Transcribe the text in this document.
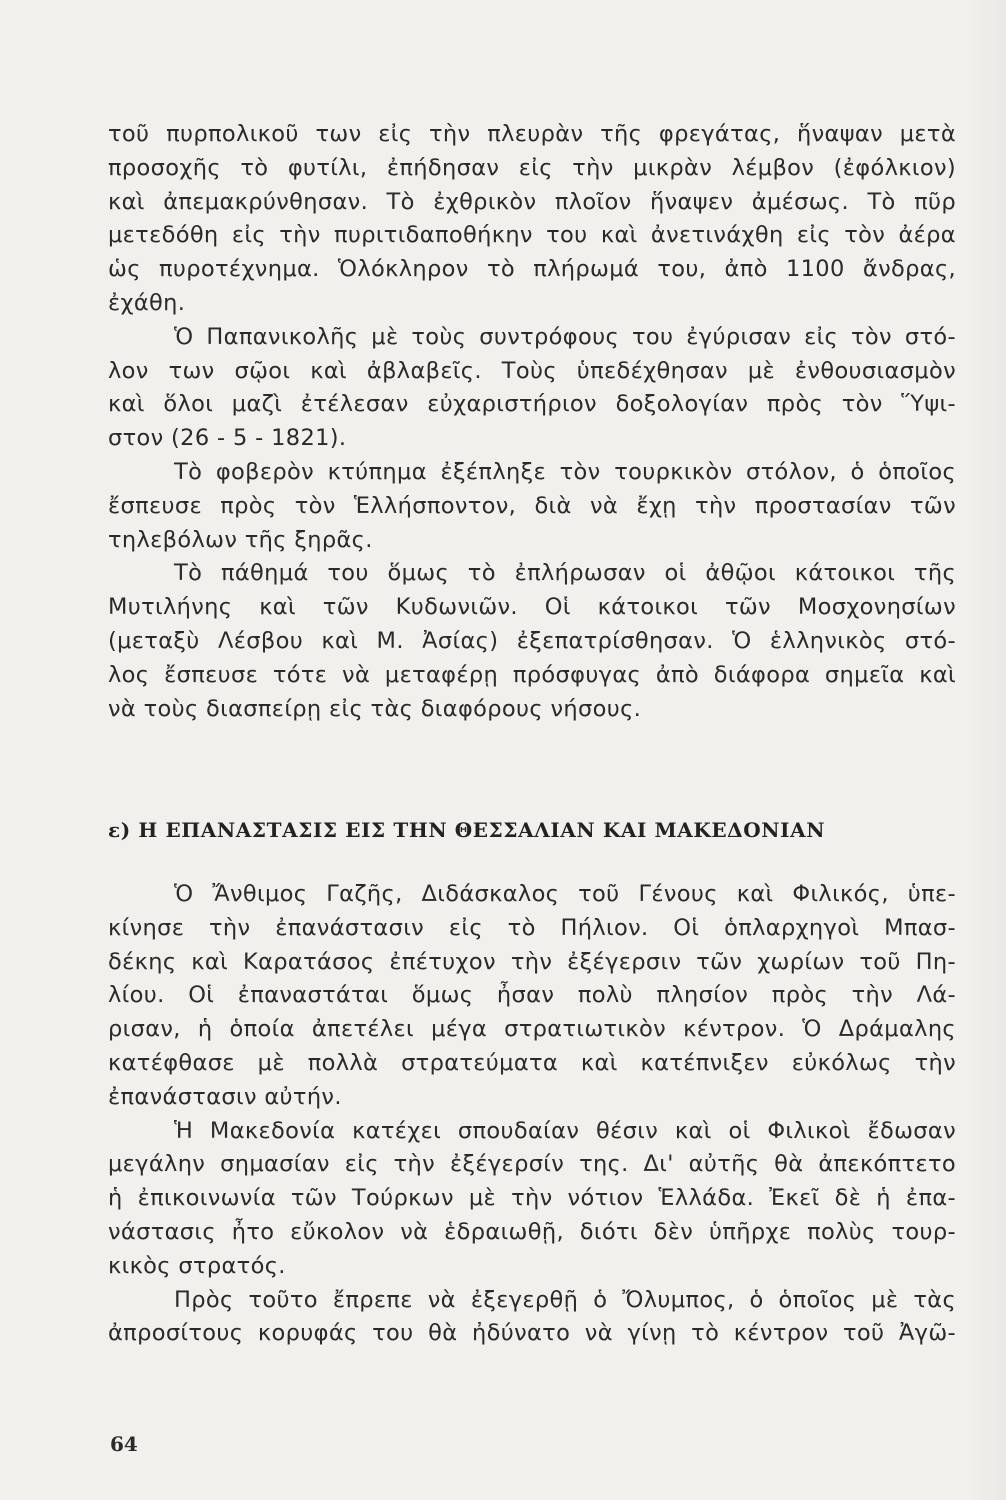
τοῦ πυρπολικοῦ των εἰς τὴν πλευρὰν τῆς φρεγάτας, ἥναψαν μετὰ
προσοχῆς τὸ φυτίλι, ἐπήδησαν εἰς τὴν μικρὰν λέμβον (ἐφόλκιον)
καὶ ἀπεμακρύνθησαν. Τὸ ἐχθρικὸν πλοῖον ἥναψεν ἀμέσως. Τὸ πῦρ
μετεδόθη εἰς τὴν πυριτιδαποθήκην του καὶ ἀνετινάχθη εἰς τὸν ἀέρα
ὡς πυροτέχνημα. Ὁλόκληρον τὸ πλήρωμά του, ἀπὸ 1100 ἄνδρας,
ἐχάθη.
Ὁ Παπανικολῆς μὲ τοὺς συντρόφους του ἐγύρισαν εἰς τὸν στό-
λον των σῷοι καὶ ἀβλαβεῖς. Τοὺς ὑπεδέχθησαν μὲ ἐνθουσιασμὸν
καὶ ὅλοι μαζὶ ἐτέλεσαν εὐχαριστήριον δοξολογίαν πρὸς τὸν Ὕψι-
στον (26 - 5 - 1821).
Τὸ φοβερὸν κτύπημα ἐξέπληξε τὸν τουρκικὸν στόλον, ὁ ὁποῖος
ἔσπευσε πρὸς τὸν Ἑλλήσποντον, διὰ νὰ ἔχῃ τὴν προστασίαν τῶν
τηλεβόλων τῆς ξηρᾶς.
Τὸ πάθημά του ὅμως τὸ ἐπλήρωσαν οἱ ἀθῷοι κάτοικοι τῆς
Μυτιλήνης καὶ τῶν Κυδωνιῶν. Οἱ κάτοικοι τῶν Μοσχονησίων
(μεταξὺ Λέσβου καὶ Μ. Ἀσίας) ἐξεπατρίσθησαν. Ὁ ἑλληνικὸς στό-
λος ἔσπευσε τότε νὰ μεταφέρῃ πρόσφυγας ἀπὸ διάφορα σημεῖα καὶ
νὰ τοὺς διασπείρῃ εἰς τὰς διαφόρους νήσους.
ε) Η ΕΠΑΝΑΣΤΑΣΙΣ ΕΙΣ ΤΗΝ ΘΕΣΣΑΛΙΑΝ ΚΑΙ ΜΑΚΕΔΟΝΙΑΝ
Ὁ Ἄνθιμος Γαζῆς, Διδάσκαλος τοῦ Γένους καὶ Φιλικός, ὑπε-
κίνησε τὴν ἐπανάστασιν εἰς τὸ Πήλιον. Οἱ ὁπλαρχηγοὶ Μπασ-
δέκης καὶ Καρατάσος ἐπέτυχον τὴν ἐξέγερσιν τῶν χωρίων τοῦ Πη-
λίου. Οἱ ἐπαναστάται ὅμως ἦσαν πολὺ πλησίον πρὸς τὴν Λά-
ρισαν, ἡ ὁποία ἀπετέλει μέγα στρατιωτικὸν κέντρον. Ὁ Δράμαλης
κατέφθασε μὲ πολλὰ στρατεύματα καὶ κατέπνιξεν εὐκόλως τὴν
ἐπανάστασιν αὐτήν.
Ἡ Μακεδονία κατέχει σπουδαίαν θέσιν καὶ οἱ Φιλικοὶ ἔδωσαν
μεγάλην σημασίαν εἰς τὴν ἐξέγερσίν της. Δι' αὐτῆς θὰ ἀπεκόπτετο
ἡ ἐπικοινωνία τῶν Τούρκων μὲ τὴν νότιον Ἑλλάδα. Ἐκεῖ δὲ ἡ ἐπα-
νάστασις ἦτο εὔκολον νὰ ἑδραιωθῇ, διότι δὲν ὑπῆρχε πολὺς τουρ-
κικὸς στρατός.
Πρὸς τοῦτο ἔπρεπε νὰ ἐξεγερθῇ ὁ Ὄλυμπος, ὁ ὁποῖος μὲ τὰς
ἀπροσίτους κορυφάς του θὰ ἠδύνατο νὰ γίνῃ τὸ κέντρον τοῦ Ἀγῶ-
64
